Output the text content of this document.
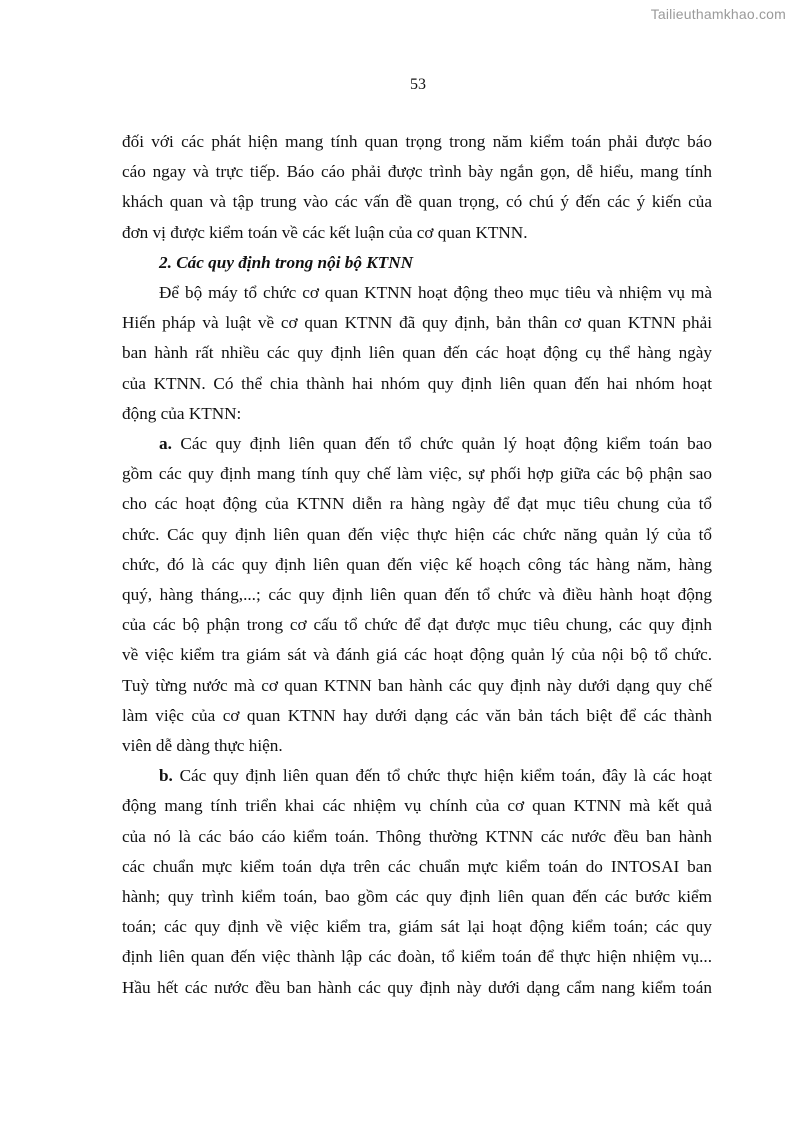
Tailieuthamkhao.com
53
đối với các phát hiện mang tính quan trọng trong năm kiểm toán phải được báo
cáo ngay và trực tiếp. Báo cáo phải được trình bày ngắn gọn, dễ hiểu, mang tính
khách quan và tập trung vào các vấn đề quan trọng, có chú ý đến các ý kiến của
đơn vị được kiểm toán về các kết luận của cơ quan KTNN.
2. Các quy định trong nội bộ KTNN
Để bộ máy tổ chức cơ quan KTNN hoạt động theo mục tiêu và nhiệm vụ mà
Hiến pháp và luật về cơ quan KTNN đã quy định, bản thân cơ quan KTNN phải
ban hành rất nhiều các quy định liên quan đến các hoạt động cụ thể hàng ngày
của KTNN. Có thể chia thành hai nhóm quy định liên quan đến hai nhóm hoạt
động của KTNN:
a. Các quy định liên quan đến tổ chức quản lý hoạt động kiểm toán bao
gồm các quy định mang tính quy chế làm việc, sự phối hợp giữa các bộ phận sao
cho các hoạt động của KTNN diễn ra hàng ngày để đạt mục tiêu chung của tổ
chức. Các quy định liên quan đến việc thực hiện các chức năng quản lý của tổ
chức, đó là các quy định liên quan đến việc kế hoạch công tác hàng năm, hàng
quý, hàng tháng,...; các quy định liên quan đến tổ chức và điều hành hoạt động
của các bộ phận trong cơ cấu tổ chức để đạt được mục tiêu chung, các quy định
về việc kiểm tra giám sát và đánh giá các hoạt động quản lý của nội bộ tổ chức.
Tuỳ từng nước mà cơ quan KTNN ban hành các quy định này dưới dạng quy chế
làm việc của cơ quan KTNN hay dưới dạng các văn bản tách biệt để các thành
viên dễ dàng thực hiện.
b. Các quy định liên quan đến tổ chức thực hiện kiểm toán, đây là các hoạt
động mang tính triển khai các nhiệm vụ chính của cơ quan KTNN mà kết quả
của nó là các báo cáo kiểm toán. Thông thường KTNN các nước đều ban hành
các chuẩn mực kiểm toán dựa trên các chuẩn mực kiểm toán do INTOSAI ban
hành; quy trình kiểm toán, bao gồm các quy định liên quan đến các bước kiểm
toán; các quy định về việc kiểm tra, giám sát lại hoạt động kiểm toán; các quy
định liên quan đến việc thành lập các đoàn, tổ kiểm toán để thực hiện nhiệm vụ...
Hầu hết các nước đều ban hành các quy định này dưới dạng cẩm nang kiểm toán
